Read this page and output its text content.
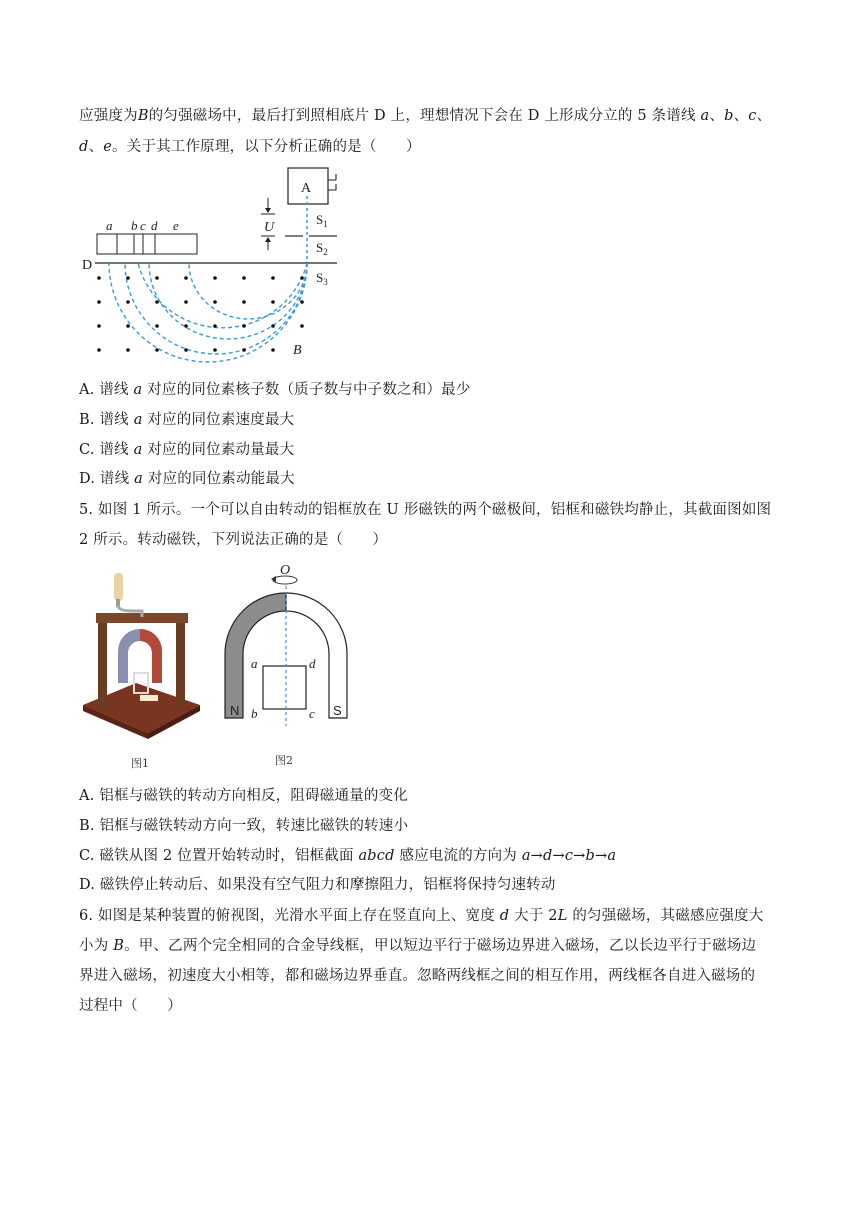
应强度为B的匀强磁场中，最后打到照相底片 D 上，理想情况下会在 D 上形成分立的 5 条谱线 a、b、c、
d、e。关于其工作原理，以下分析正确的是（　　）
A
U
$S_1$
$S_2$
$S_3$
D
a b c d e
B
A. 谱线 a 对应的同位素核子数（质子数与中子数之和）最少
B. 谱线 a 对应的同位素速度最大
C. 谱线 a 对应的同位素动量最大
D. 谱线 a 对应的同位素动能最大
5. 如图 1 所示。一个可以自由转动的铝框放在 U 形磁铁的两个磁极间，铝框和磁铁均静止，其截面图如图
2 所示。转动磁铁，下列说法正确的是（　　）
图1
O
N	S
a
b	c
d
图2
A. 铝框与磁铁的转动方向相反，阻碍磁通量的变化
B. 铝框与磁铁转动方向一致，转速比磁铁的转速小
C. 磁铁从图 2 位置开始转动时，铝框截面 abcd 感应电流的方向为 a→d→c→b→a
D. 磁铁停止转动后、如果没有空气阻力和摩擦阻力，铝框将保持匀速转动
6. 如图是某种装置的俯视图，光滑水平面上存在竖直向上、宽度 d 大于 2L 的匀强磁场，其磁感应强度大
小为 B。甲、乙两个完全相同的合金导线框，甲以短边平行于磁场边界进入磁场，乙以长边平行于磁场边
界进入磁场，初速度大小相等，都和磁场边界垂直。忽略两线框之间的相互作用，两线框各自进入磁场的
过程中（　　）
